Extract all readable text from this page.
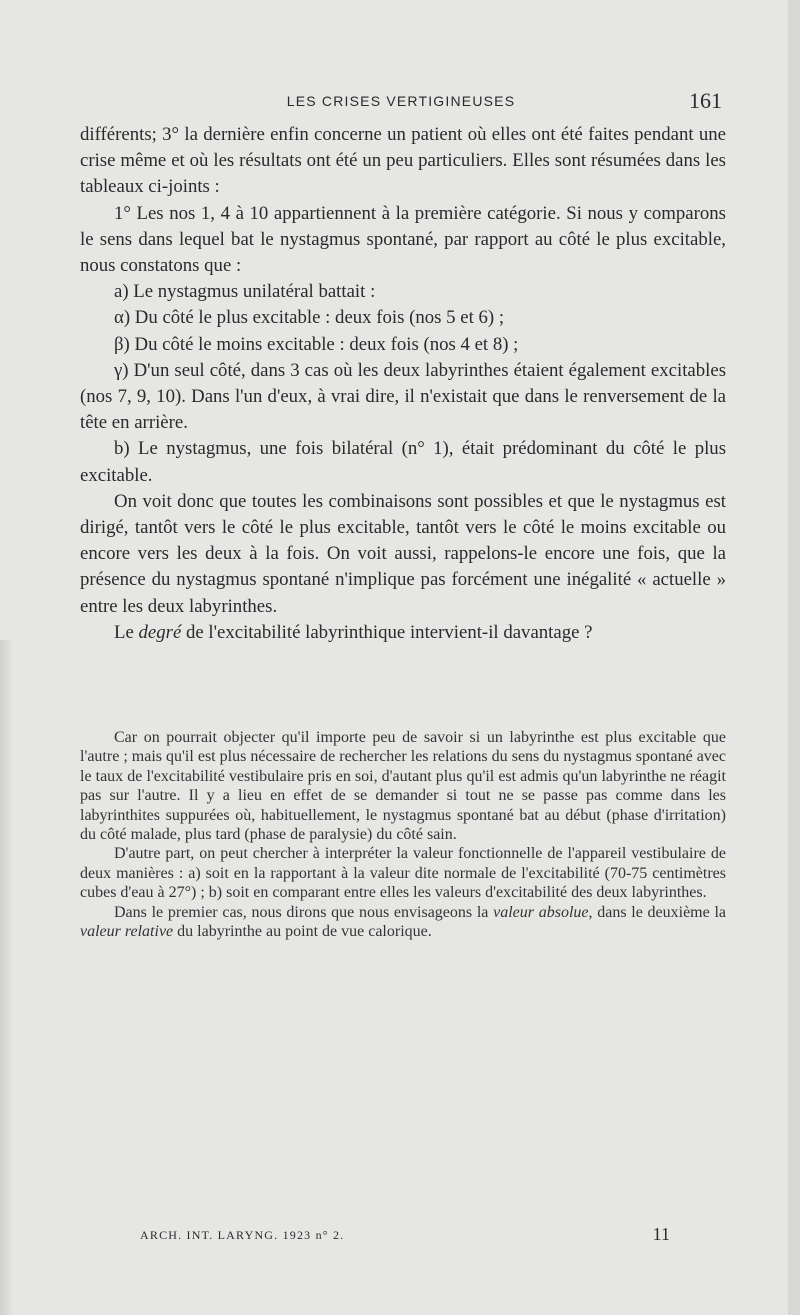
LES CRISES VERTIGINEUSES	161

différents; 3° la dernière enfin concerne un patient où elles ont été faites pendant une crise même et où les résultats ont été un peu particuliers. Elles sont résumées dans les tableaux ci-joints :

1° Les nos 1, 4 à 10 appartiennent à la première catégorie. Si nous y comparons le sens dans lequel bat le nystagmus spontané, par rapport au côté le plus excitable, nous constatons que :

a) Le nystagmus unilatéral battait :

α) Du côté le plus excitable : deux fois (nos 5 et 6) ;

β) Du côté le moins excitable : deux fois (nos 4 et 8) ;

γ) D'un seul côté, dans 3 cas où les deux labyrinthes étaient également excitables (nos 7, 9, 10). Dans l'un d'eux, à vrai dire, il n'existait que dans le renversement de la tête en arrière.

b) Le nystagmus, une fois bilatéral (n° 1), était prédominant du côté le plus excitable.

On voit donc que toutes les combinaisons sont possibles et que le nystagmus est dirigé, tantôt vers le côté le plus excitable, tantôt vers le côté le moins excitable ou encore vers les deux à la fois. On voit aussi, rappelons-le encore une fois, que la présence du nystagmus spontané n'implique pas forcément une inégalité « actuelle » entre les deux labyrinthes.

Le degré de l'excitabilité labyrinthique intervient-il davantage ?

Car on pourrait objecter qu'il importe peu de savoir si un labyrinthe est plus excitable que l'autre ; mais qu'il est plus nécessaire de rechercher les relations du sens du nystagmus spontané avec le taux de l'excitabilité vestibulaire pris en soi, d'autant plus qu'il est admis qu'un labyrinthe ne réagit pas sur l'autre. Il y a lieu en effet de se demander si tout ne se passe pas comme dans les labyrinthites suppurées où, habituellement, le nystagmus spontané bat au début (phase d'irritation) du côté malade, plus tard (phase de paralysie) du côté sain.

D'autre part, on peut chercher à interpréter la valeur fonctionnelle de l'appareil vestibulaire de deux manières : a) soit en la rapportant à la valeur dite normale de l'excitabilité (70-75 centimètres cubes d'eau à 27°) ; b) soit en comparant entre elles les valeurs d'excitabilité des deux labyrinthes.

Dans le premier cas, nous dirons que nous envisageons la valeur absolue, dans le deuxième la valeur relative du labyrinthe au point de vue calorique.

ARCH. INT. LARYNG. 1923 n° 2.	11
